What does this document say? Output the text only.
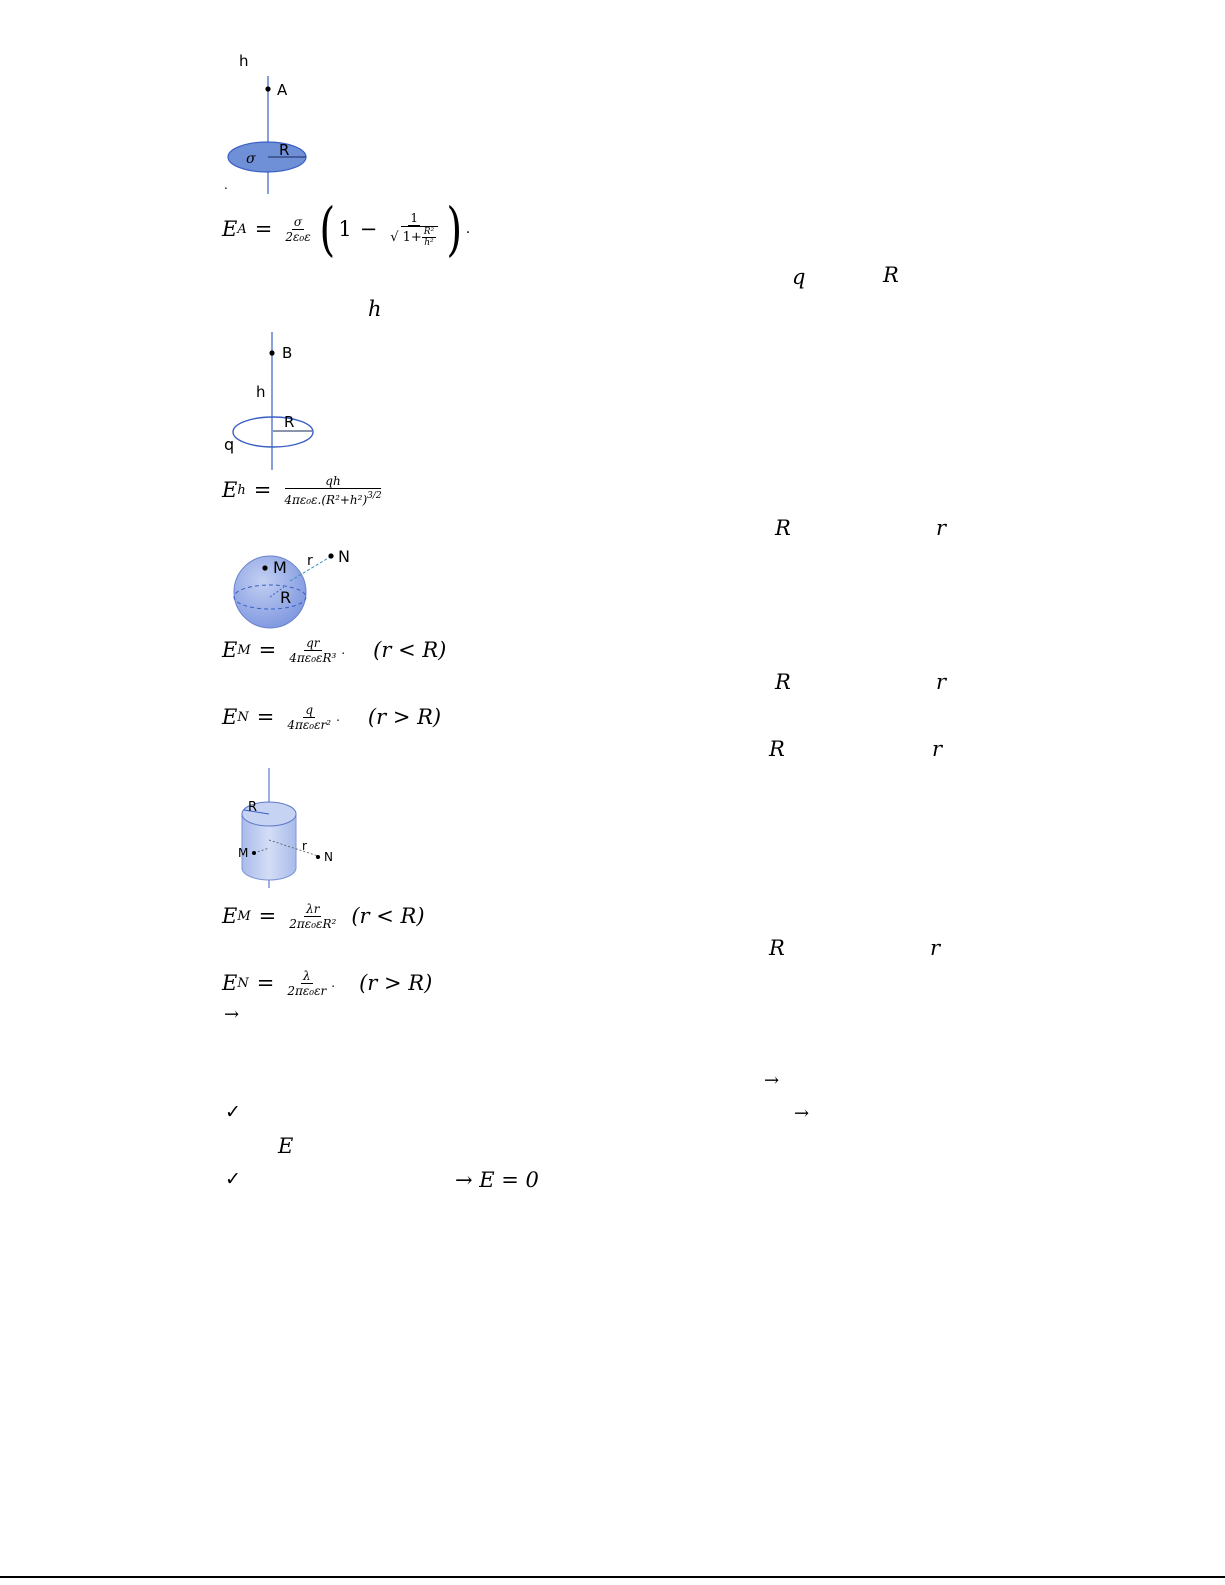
h
A
R
σ
.
E $A = \frac{\sigma}{\text{2ε₀ε}}$ ( $1 - \frac{1}{√ 1+ \frac{\text{R²}}{\text{h²}}}$ ) .
q	R
h
B
h
R
q
E $h = \frac{qh}{4\pi\varepsilon_0\varepsilon.(R^2+h^2)^{3/2}}$
R	r
M r N
R
E $M = \frac{qr}{\text{4πε₀εR³}}$ . (r < R)
R	r
E $N = \frac{q}{\text{4πε₀εr²}}$ . (r > R)
R	r
R
M	r
N
E $M = \frac{\lambda r}{\text{2πε₀εR²}} (r < R)$
R	r
E $N = \frac{\lambda}{\text{2πε₀εr}}$ . (r > R)
→
→
✓	→
E
✓	→ E = 0
